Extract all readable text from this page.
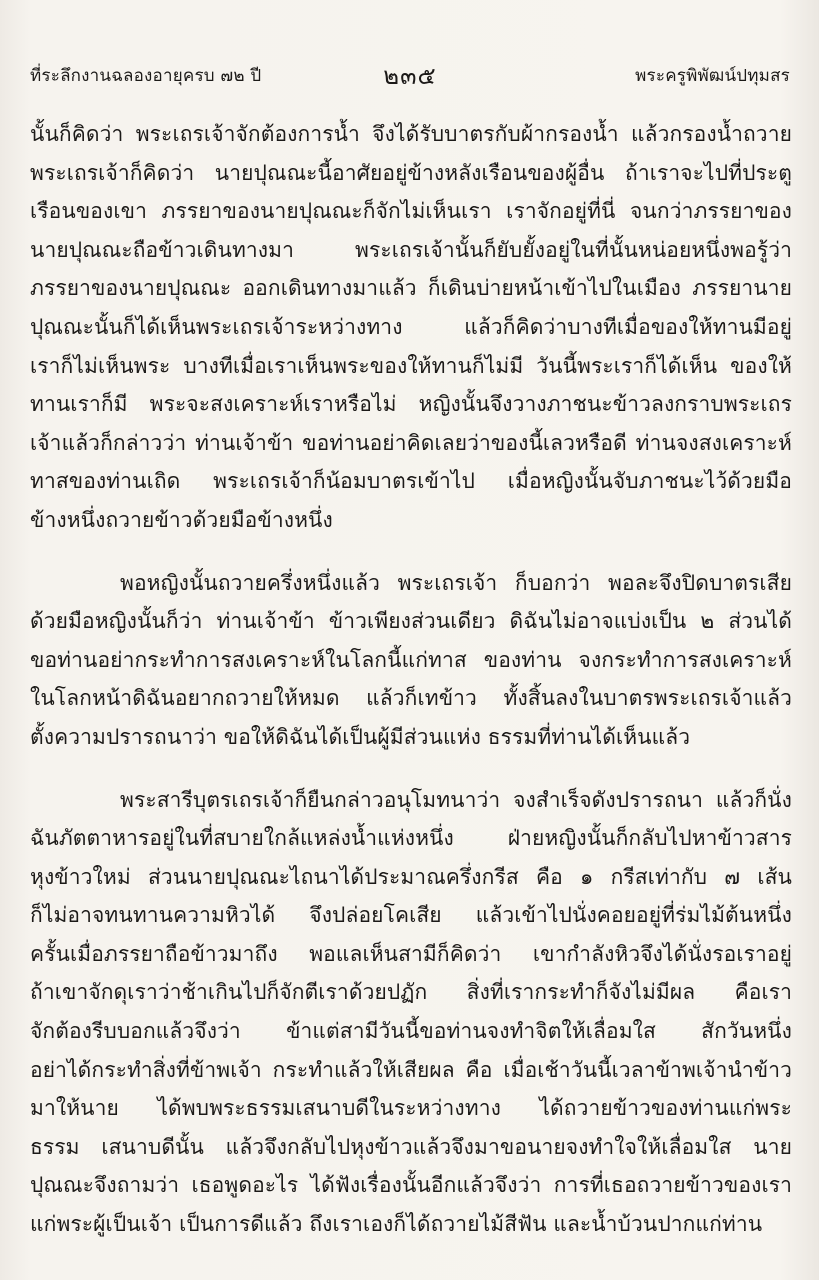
ที่ระลึกงานฉลองอายุครบ ๗๒ ปี	๒๓๕	พระครูพิพัฒน์ปทุมสร
นั้นก็คิดว่า พระเถรเจ้าจักต้องการน้ำ จึงได้รับบาตรกับผ้ากรองน้ำ แล้วกรองน้ำถวาย
พระเถรเจ้าก็คิดว่า นายปุณณะนี้อาศัยอยู่ข้างหลังเรือนของผู้อื่น ถ้าเราจะไปที่ประตู
เรือนของเขา ภรรยาของนายปุณณะก็จักไม่เห็นเรา เราจักอยู่ที่นี่ จนกว่าภรรยาของ
นายปุณณะถือข้าวเดินทางมา พระเถรเจ้านั้นก็ยับยั้งอยู่ในที่นั้นหน่อยหนึ่งพอรู้ว่า
ภรรยาของนายปุณณะ ออกเดินทางมาแล้ว ก็เดินบ่ายหน้าเข้าไปในเมือง ภรรยานาย
ปุณณะนั้นก็ได้เห็นพระเถรเจ้าระหว่างทาง แล้วก็คิดว่าบางทีเมื่อของให้ทานมีอยู่
เราก็ไม่เห็นพระ บางทีเมื่อเราเห็นพระของให้ทานก็ไม่มี วันนี้พระเราก็ได้เห็น ของให้
ทานเราก็มี พระจะสงเคราะห์เราหรือไม่ หญิงนั้นจึงวางภาชนะข้าวลงกราบพระเถร
เจ้าแล้วก็กล่าวว่า ท่านเจ้าข้า ขอท่านอย่าคิดเลยว่าของนี้เลวหรือดี ท่านจงสงเคราะห์
ทาสของท่านเถิด พระเถรเจ้าก็น้อมบาตรเข้าไป เมื่อหญิงนั้นจับภาชนะไว้ด้วยมือ
ข้างหนึ่งถวายข้าวด้วยมือข้างหนึ่ง
พอหญิงนั้นถวายครึ่งหนึ่งแล้ว พระเถรเจ้า ก็บอกว่า พอละจึงปิดบาตรเสีย
ด้วยมือหญิงนั้นก็ว่า ท่านเจ้าข้า ข้าวเพียงส่วนเดียว ดิฉันไม่อาจแบ่งเป็น ๒ ส่วนได้
ขอท่านอย่ากระทำการสงเคราะห์ในโลกนี้แก่ทาส ของท่าน จงกระทำการสงเคราะห์
ในโลกหน้าดิฉันอยากถวายให้หมด แล้วก็เทข้าว ทั้งสิ้นลงในบาตรพระเถรเจ้าแล้ว
ตั้งความปรารถนาว่า ขอให้ดิฉันได้เป็นผู้มีส่วนแห่ง ธรรมที่ท่านได้เห็นแล้ว
พระสารีบุตรเถรเจ้าก็ยืนกล่าวอนุโมทนาว่า จงสำเร็จดังปรารถนา แล้วก็นั่ง
ฉันภัตตาหารอยู่ในที่สบายใกล้แหล่งน้ำแห่งหนึ่ง ฝ่ายหญิงนั้นก็กลับไปหาข้าวสาร
หุงข้าวใหม่ ส่วนนายปุณณะไถนาได้ประมาณครึ่งกรีส คือ ๑ กรีสเท่ากับ ๗ เส้น
ก็ไม่อาจทนทานความหิวได้ จึงปล่อยโคเสีย แล้วเข้าไปนั่งคอยอยู่ที่ร่มไม้ต้นหนึ่ง
ครั้นเมื่อภรรยาถือข้าวมาถึง พอแลเห็นสามีก็คิดว่า เขากำลังหิวจึงได้นั่งรอเราอยู่
ถ้าเขาจักดุเราว่าช้าเกินไปก็จักตีเราด้วยปฏัก สิ่งที่เรากระทำก็จังไม่มีผล คือเรา
จักต้องรีบบอกแล้วจึงว่า ข้าแต่สามีวันนี้ขอท่านจงทำจิตให้เลื่อมใส สักวันหนึ่ง
อย่าได้กระทำสิ่งที่ข้าพเจ้า กระทำแล้วให้เสียผล คือ เมื่อเช้าวันนี้เวลาข้าพเจ้านำข้าว
มาให้นาย ได้พบพระธรรมเสนาบดีในระหว่างทาง ได้ถวายข้าวของท่านแก่พระ
ธรรม เสนาบดีนั้น แล้วจึงกลับไปหุงข้าวแล้วจึงมาขอนายจงทำใจให้เลื่อมใส นาย
ปุณณะจึงถามว่า เธอพูดอะไร ได้ฟังเรื่องนั้นอีกแล้วจึงว่า การที่เธอถวายข้าวของเรา
แก่พระผู้เป็นเจ้า เป็นการดีแล้ว ถึงเราเองก็ได้ถวายไม้สีฟัน และน้ำบ้วนปากแก่ท่าน
